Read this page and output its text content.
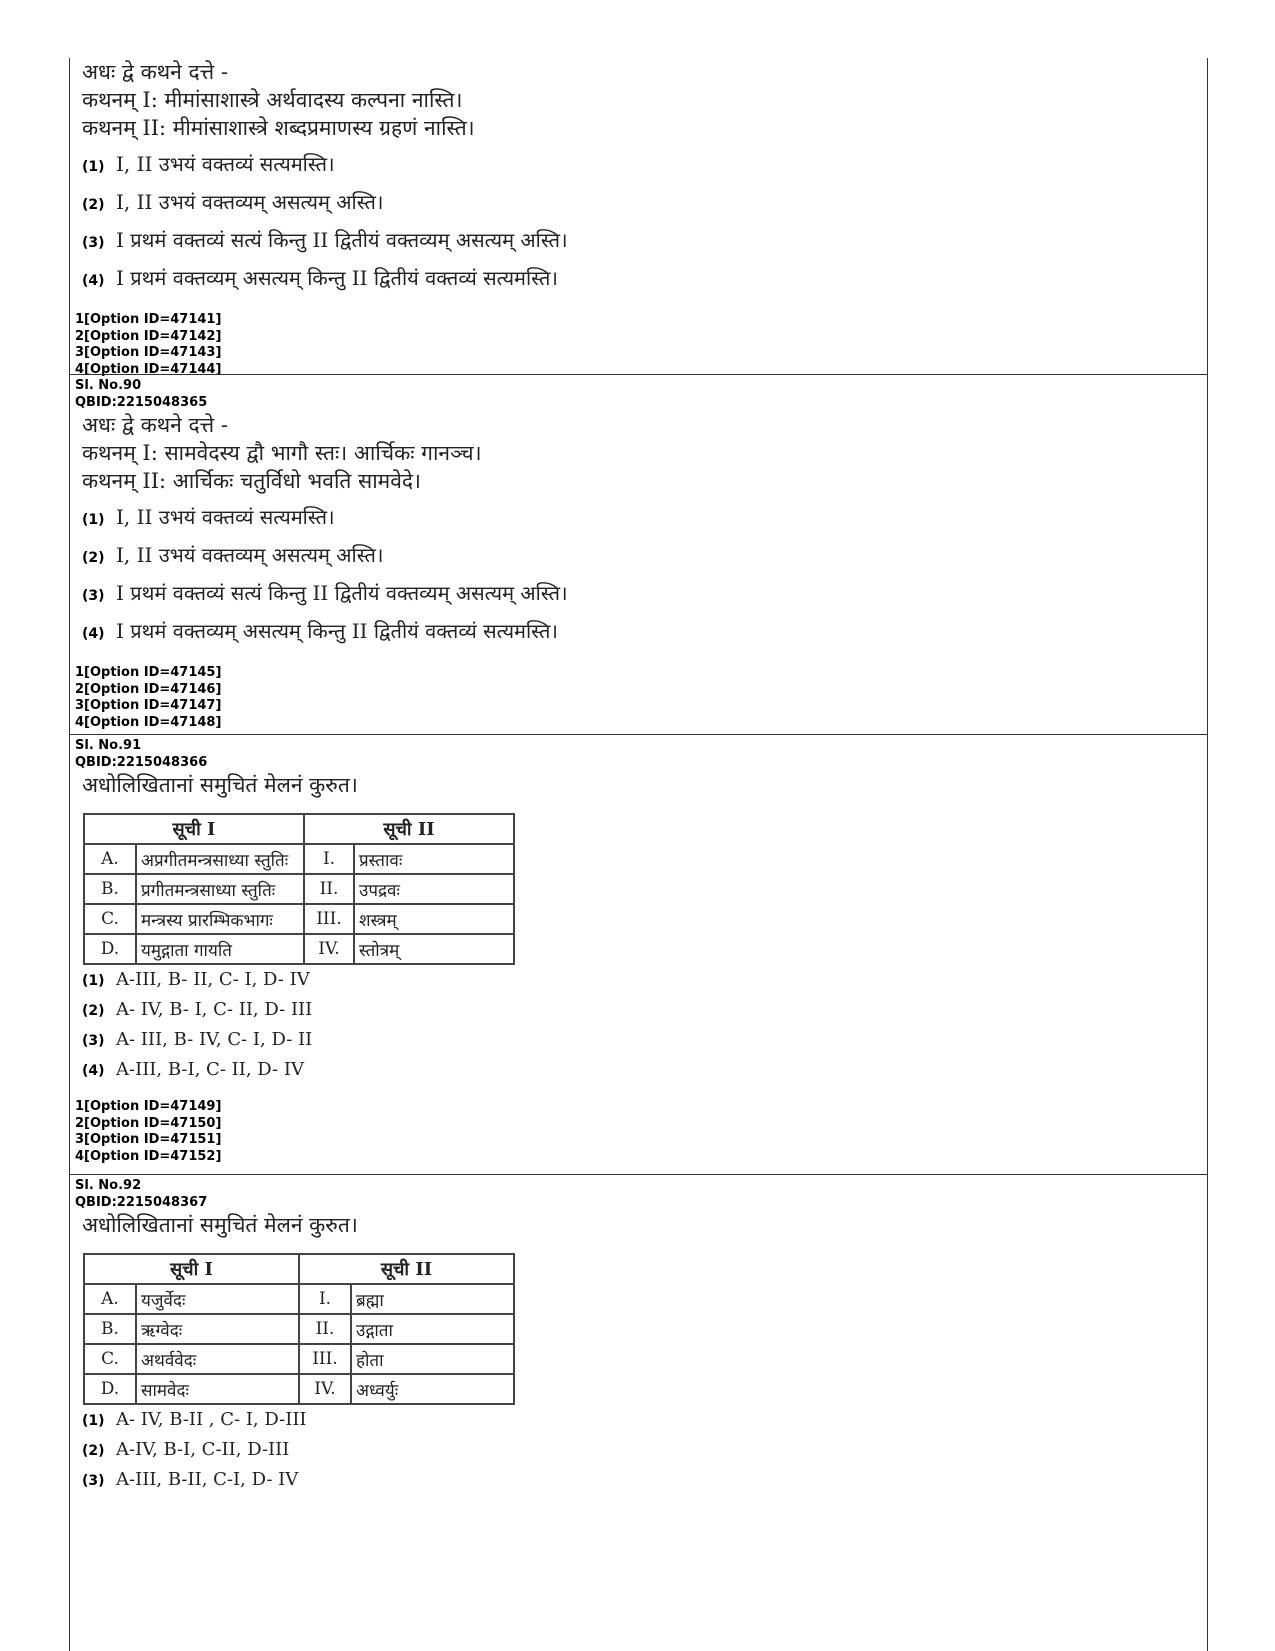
अधः द्वे कथने दत्ते -
कथनम् I: मीमांसाशास्त्रे अर्थवादस्य कल्पना नास्ति।
कथनम् II: मीमांसाशास्त्रे शब्दप्रमाणस्य ग्रहणं नास्ति।
(1) I, II उभयं वक्तव्यं सत्यमस्ति।
(2) I, II उभयं वक्तव्यम् असत्यम् अस्ति।
(3) I प्रथमं वक्तव्यं सत्यं किन्तु II द्वितीयं वक्तव्यम् असत्यम् अस्ति।
(4) I प्रथमं वक्तव्यम् असत्यम् किन्तु II द्वितीयं वक्तव्यं सत्यमस्ति।
1[Option ID=47141]
2[Option ID=47142]
3[Option ID=47143]
4[Option ID=47144]
Sl. No.90
QBID:2215048365
अधः द्वे कथने दत्ते -
कथनम् I: सामवेदस्य द्वौ भागौ स्तः। आर्चिकः गानञ्च।
कथनम् II: आर्चिकः चतुर्विधो भवति सामवेदे।
(1) I, II उभयं वक्तव्यं सत्यमस्ति।
(2) I, II उभयं वक्तव्यम् असत्यम् अस्ति।
(3) I प्रथमं वक्तव्यं सत्यं किन्तु II द्वितीयं वक्तव्यम् असत्यम् अस्ति।
(4) I प्रथमं वक्तव्यम् असत्यम् किन्तु II द्वितीयं वक्तव्यं सत्यमस्ति।
1[Option ID=47145]
2[Option ID=47146]
3[Option ID=47147]
4[Option ID=47148]
Sl. No.91
QBID:2215048366
अधोलिखितानां समुचितं मेलनं कुरुत।
सूची I		सूची II	
A.	अप्रगीतमन्त्रसाध्या स्तुतिः	I.	प्रस्तावः
B.	प्रगीतमन्त्रसाध्या स्तुतिः	II.	उपद्रवः
C.	मन्त्रस्य प्रारम्भिकभागः	III.	शस्त्रम्
D.	यमुद्गाता गायति	IV.	स्तोत्रम्
(1) A-III, B- II, C- I, D- IV
(2) A- IV, B- I, C- II, D- III
(3) A- III, B- IV, C- I, D- II
(4) A-III, B-I, C- II, D- IV
1[Option ID=47149]
2[Option ID=47150]
3[Option ID=47151]
4[Option ID=47152]
Sl. No.92
QBID:2215048367
अधोलिखितानां समुचितं मेलनं कुरुत।
सूची I		सूची II	
A.	यजुर्वेदः	I.	ब्रह्मा
B.	ऋग्वेदः	II.	उद्गाता
C.	अथर्ववेदः	III.	होता
D.	सामवेदः	IV.	अध्वर्युः
(1) A- IV, B-II , C- I, D-III
(2) A-IV, B-I, C-II, D-III
(3) A-III, B-II, C-I, D- IV
